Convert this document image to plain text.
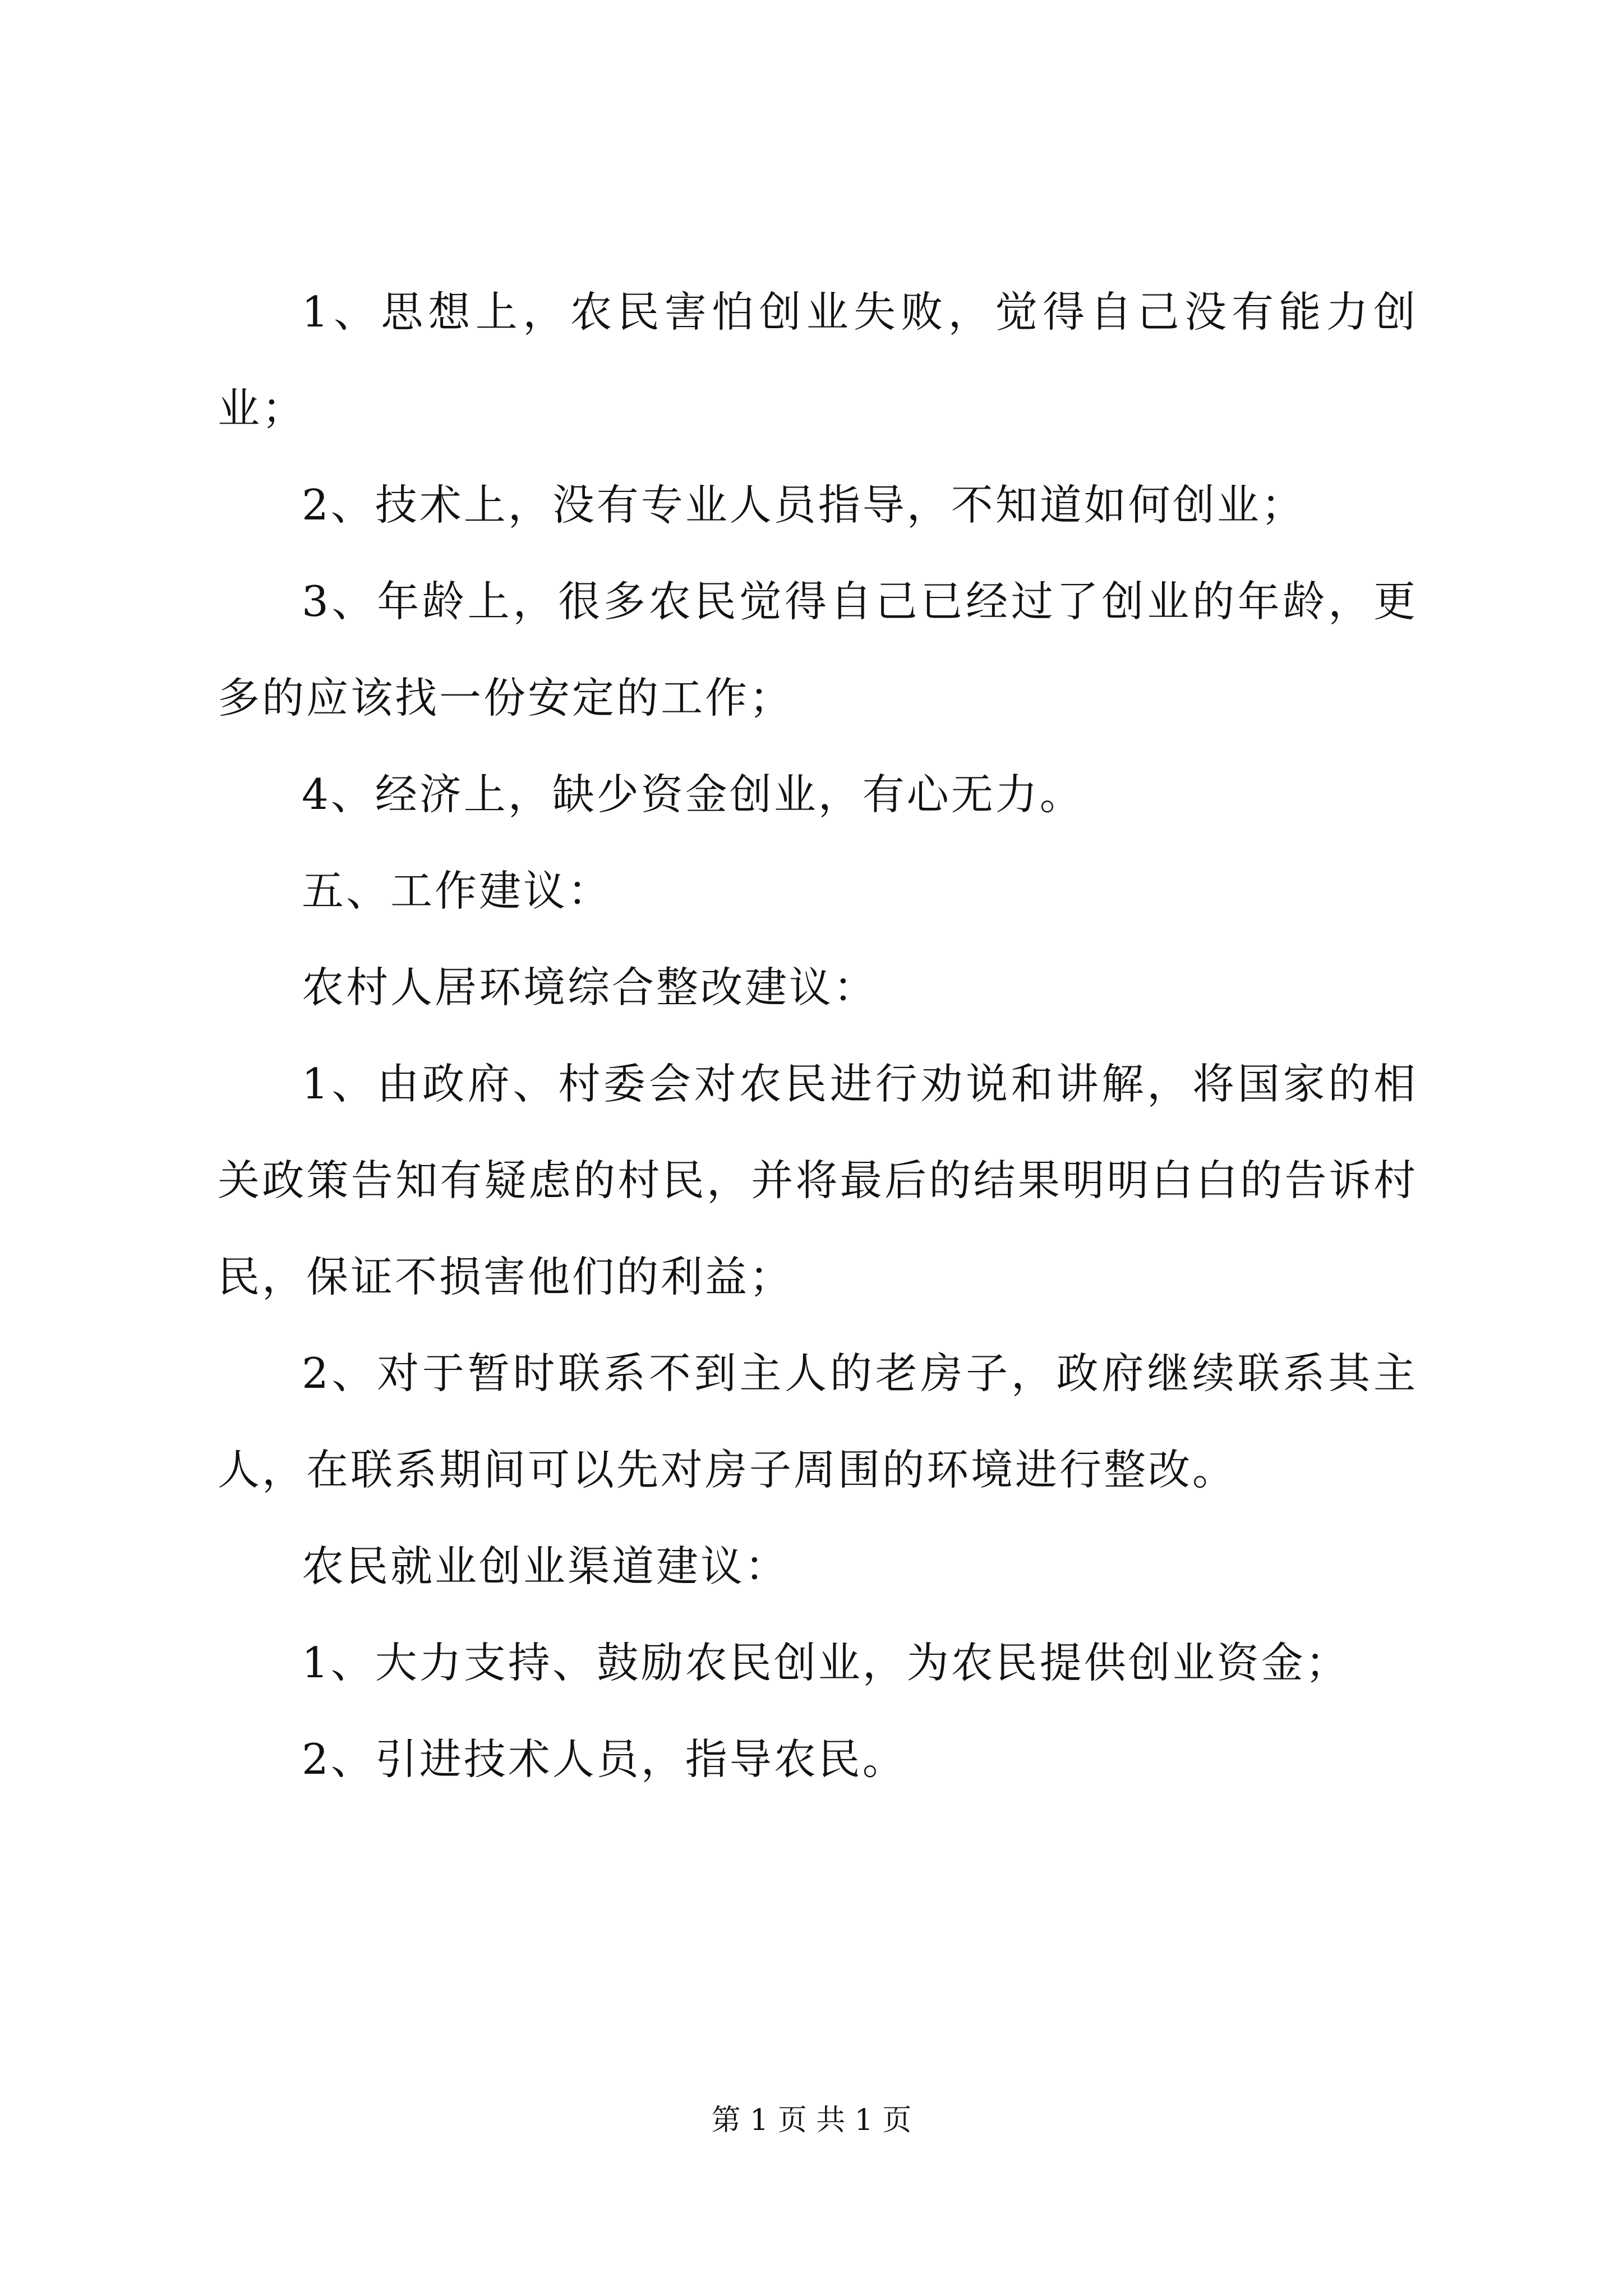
1、思想上，农民害怕创业失败，觉得自己没有能力创业；

2、技术上，没有专业人员指导，不知道如何创业；

3、年龄上，很多农民觉得自己已经过了创业的年龄，更多的应该找一份安定的工作；

4、经济上，缺少资金创业，有心无力。

五、工作建议：

农村人居环境综合整改建议：

1、由政府、村委会对农民进行劝说和讲解，将国家的相关政策告知有疑虑的村民，并将最后的结果明明白白的告诉村民，保证不损害他们的利益；

2、对于暂时联系不到主人的老房子，政府继续联系其主人，在联系期间可以先对房子周围的环境进行整改。

农民就业创业渠道建议：

1、大力支持、鼓励农民创业，为农民提供创业资金；

2、引进技术人员，指导农民。

第 1 页 共 1 页
